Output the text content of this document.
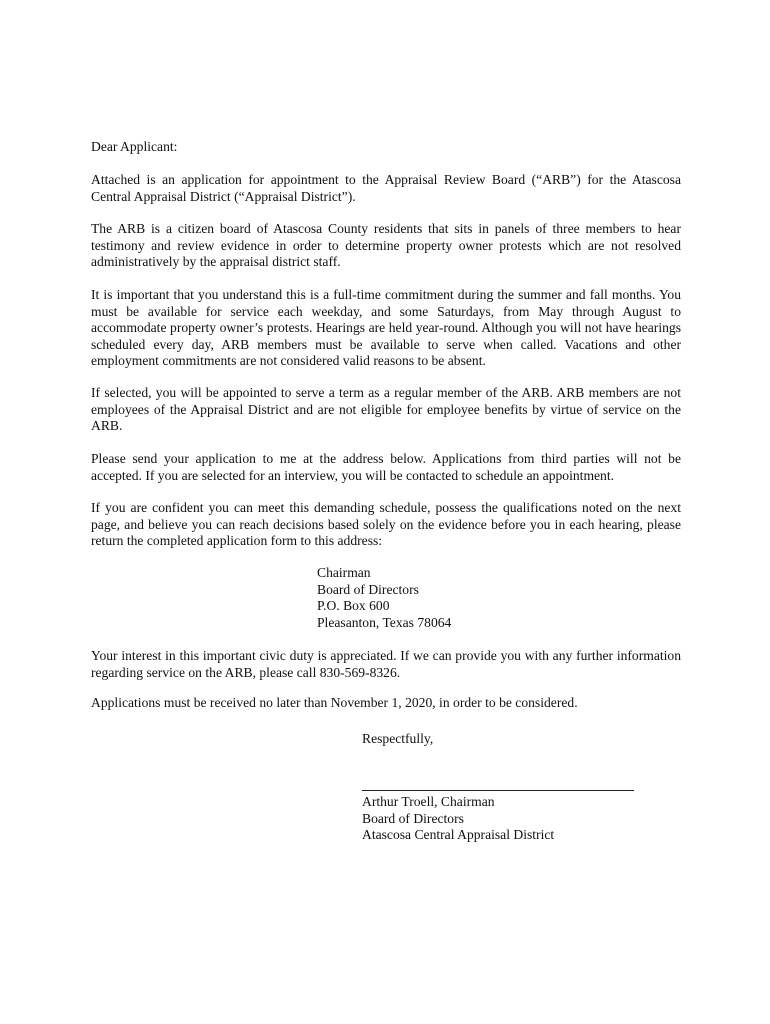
Dear Applicant:

Attached is an application for appointment to the Appraisal Review Board (“ARB”) for the Atascosa Central Appraisal District (“Appraisal District”).

The ARB is a citizen board of Atascosa County residents that sits in panels of three members to hear testimony and review evidence in order to determine property owner protests which are not resolved administratively by the appraisal district staff.

It is important that you understand this is a full-time commitment during the summer and fall months. You must be available for service each weekday, and some Saturdays, from May through August to accommodate property owner’s protests. Hearings are held year-round. Although you will not have hearings scheduled every day, ARB members must be available to serve when called. Vacations and other employment commitments are not considered valid reasons to be absent.

If selected, you will be appointed to serve a term as a regular member of the ARB. ARB members are not employees of the Appraisal District and are not eligible for employee benefits by virtue of service on the ARB.

Please send your application to me at the address below. Applications from third parties will not be accepted. If you are selected for an interview, you will be contacted to schedule an appointment.

If you are confident you can meet this demanding schedule, possess the qualifications noted on the next page, and believe you can reach decisions based solely on the evidence before you in each hearing, please return the completed application form to this address:

Chairman
Board of Directors
P.O. Box 600
Pleasanton, Texas 78064

Your interest in this important civic duty is appreciated. If we can provide you with any further information regarding service on the ARB, please call 830-569-8326.

Applications must be received no later than November 1, 2020, in order to be considered.

Respectfully,
Arthur Troell, Chairman
Board of Directors
Atascosa Central Appraisal District
